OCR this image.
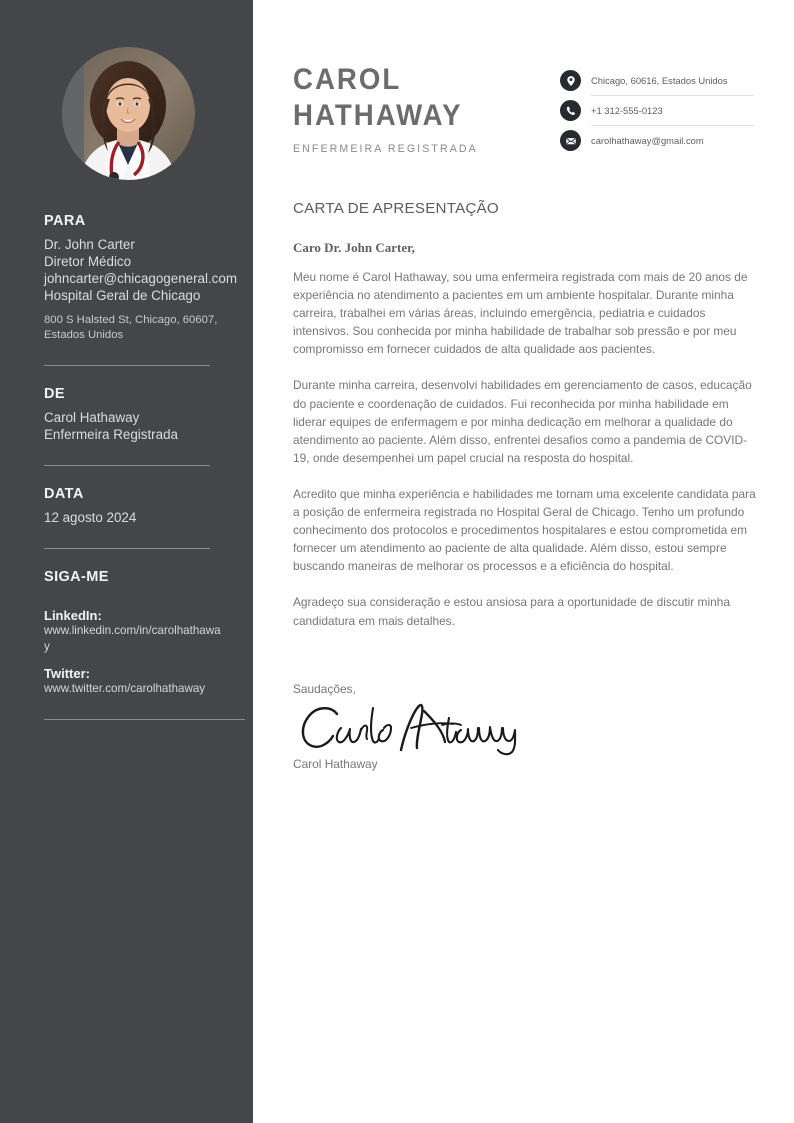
PARA
Dr. John Carter
Diretor Médico
johncarter@chicagogeneral.com
Hospital Geral de Chicago
800 S Halsted St, Chicago, 60607, Estados Unidos
DE
Carol Hathaway
Enfermeira Registrada
DATA
12 agosto 2024
SIGA-ME
LinkedIn:
www.linkedin.com/in/carolhathaway
Twitter:
www.twitter.com/carolhathaway
CAROL
HATHAWAY
ENFERMEIRA REGISTRADA
Chicago, 60616, Estados Unidos
+1 312-555-0123
carolhathaway@gmail.com
CARTA DE APRESENTAÇÃO
Caro Dr. John Carter,

Meu nome é Carol Hathaway, sou uma enfermeira registrada com mais de 20 anos de experiência no atendimento a pacientes em um ambiente hospitalar. Durante minha carreira, trabalhei em várias áreas, incluindo emergência, pediatria e cuidados intensivos. Sou conhecida por minha habilidade de trabalhar sob pressão e por meu compromisso em fornecer cuidados de alta qualidade aos pacientes.

Durante minha carreira, desenvolvi habilidades em gerenciamento de casos, educação do paciente e coordenação de cuidados. Fui reconhecida por minha habilidade em liderar equipes de enfermagem e por minha dedicação em melhorar a qualidade do atendimento ao paciente. Além disso, enfrentei desafios como a pandemia de COVID-19, onde desempenhei um papel crucial na resposta do hospital.

Acredito que minha experiência e habilidades me tornam uma excelente candidata para a posição de enfermeira registrada no Hospital Geral de Chicago. Tenho um profundo conhecimento dos protocolos e procedimentos hospitalares e estou comprometida em fornecer um atendimento ao paciente de alta qualidade. Além disso, estou sempre buscando maneiras de melhorar os processos e a eficiência do hospital.

Agradeço sua consideração e estou ansiosa para a oportunidade de discutir minha candidatura em mais detalhes.

Saudações,
Carol Hathaway
